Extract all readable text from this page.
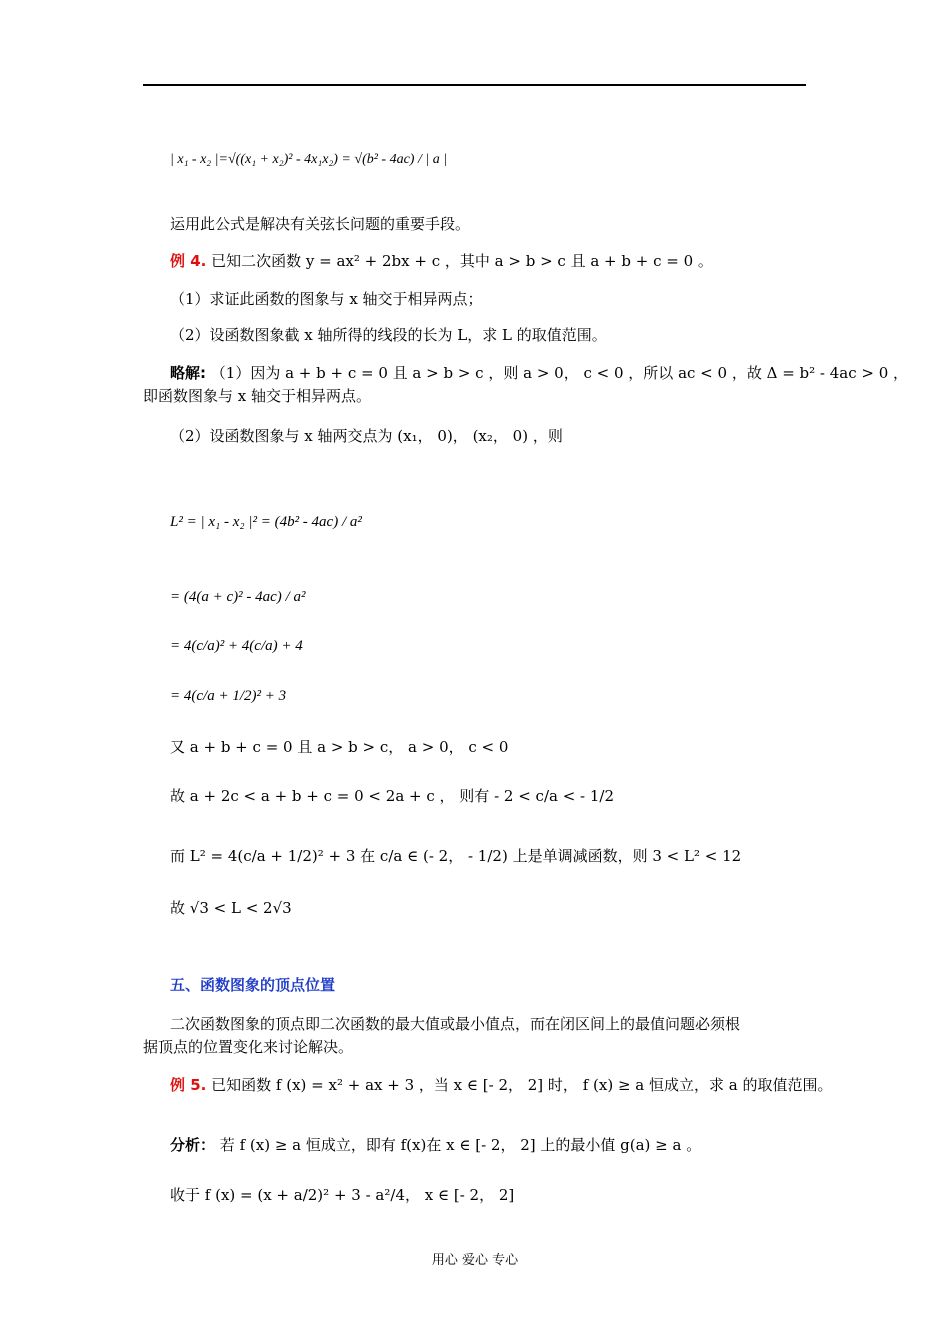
| x₁ - x₂ |=√((x₁ + x₂)² - 4x₁x₂) = √(b² - 4ac) / | a |
运用此公式是解决有关弦长问题的重要手段。
例 4. 已知二次函数 y = ax² + 2bx + c ，其中 a > b > c 且 a + b + c = 0 。
（1）求证此函数的图象与 x 轴交于相异两点；
（2）设函数图象截 x 轴所得的线段的长为 L，求 L 的取值范围。
略解: （1）因为 a + b + c = 0 且 a > b > c ，则 a > 0， c < 0 ，所以 ac < 0 ，故 Δ = b² - 4ac > 0 ，
即函数图象与 x 轴交于相异两点。
（2）设函数图象与 x 轴两交点为 (x₁， 0)， (x₂， 0) ，则
L² = | x₁ - x₂ |² = (4b² - 4ac) / a²
= (4(a + c)² - 4ac) / a²
= 4(c/a)² + 4(c/a) + 4
= 4(c/a + 1/2)² + 3
又 a + b + c = 0 且 a > b > c， a > 0， c < 0
故 a + 2c < a + b + c = 0 < 2a + c ， 则有 - 2 < c/a < - 1/2
而 L² = 4(c/a + 1/2)² + 3 在 c/a ∈ (- 2， - 1/2) 上是单调减函数，则 3 < L² < 12
故 √3 < L < 2√3
五、函数图象的顶点位置
二次函数图象的顶点即二次函数的最大值或最小值点，而在闭区间上的最值问题必须根
据顶点的位置变化来讨论解决。
例 5. 已知函数 f (x) = x² + ax + 3 ，当 x ∈ [- 2， 2] 时， f (x) ≥ a 恒成立，求 a 的取值范围。
分析： 若 f (x) ≥ a 恒成立，即有 f(x)在 x ∈ [- 2， 2] 上的最小值 g(a) ≥ a 。
收于 f (x) = (x + a/2)² + 3 - a²/4， x ∈ [- 2， 2]
用心 爱心 专心
